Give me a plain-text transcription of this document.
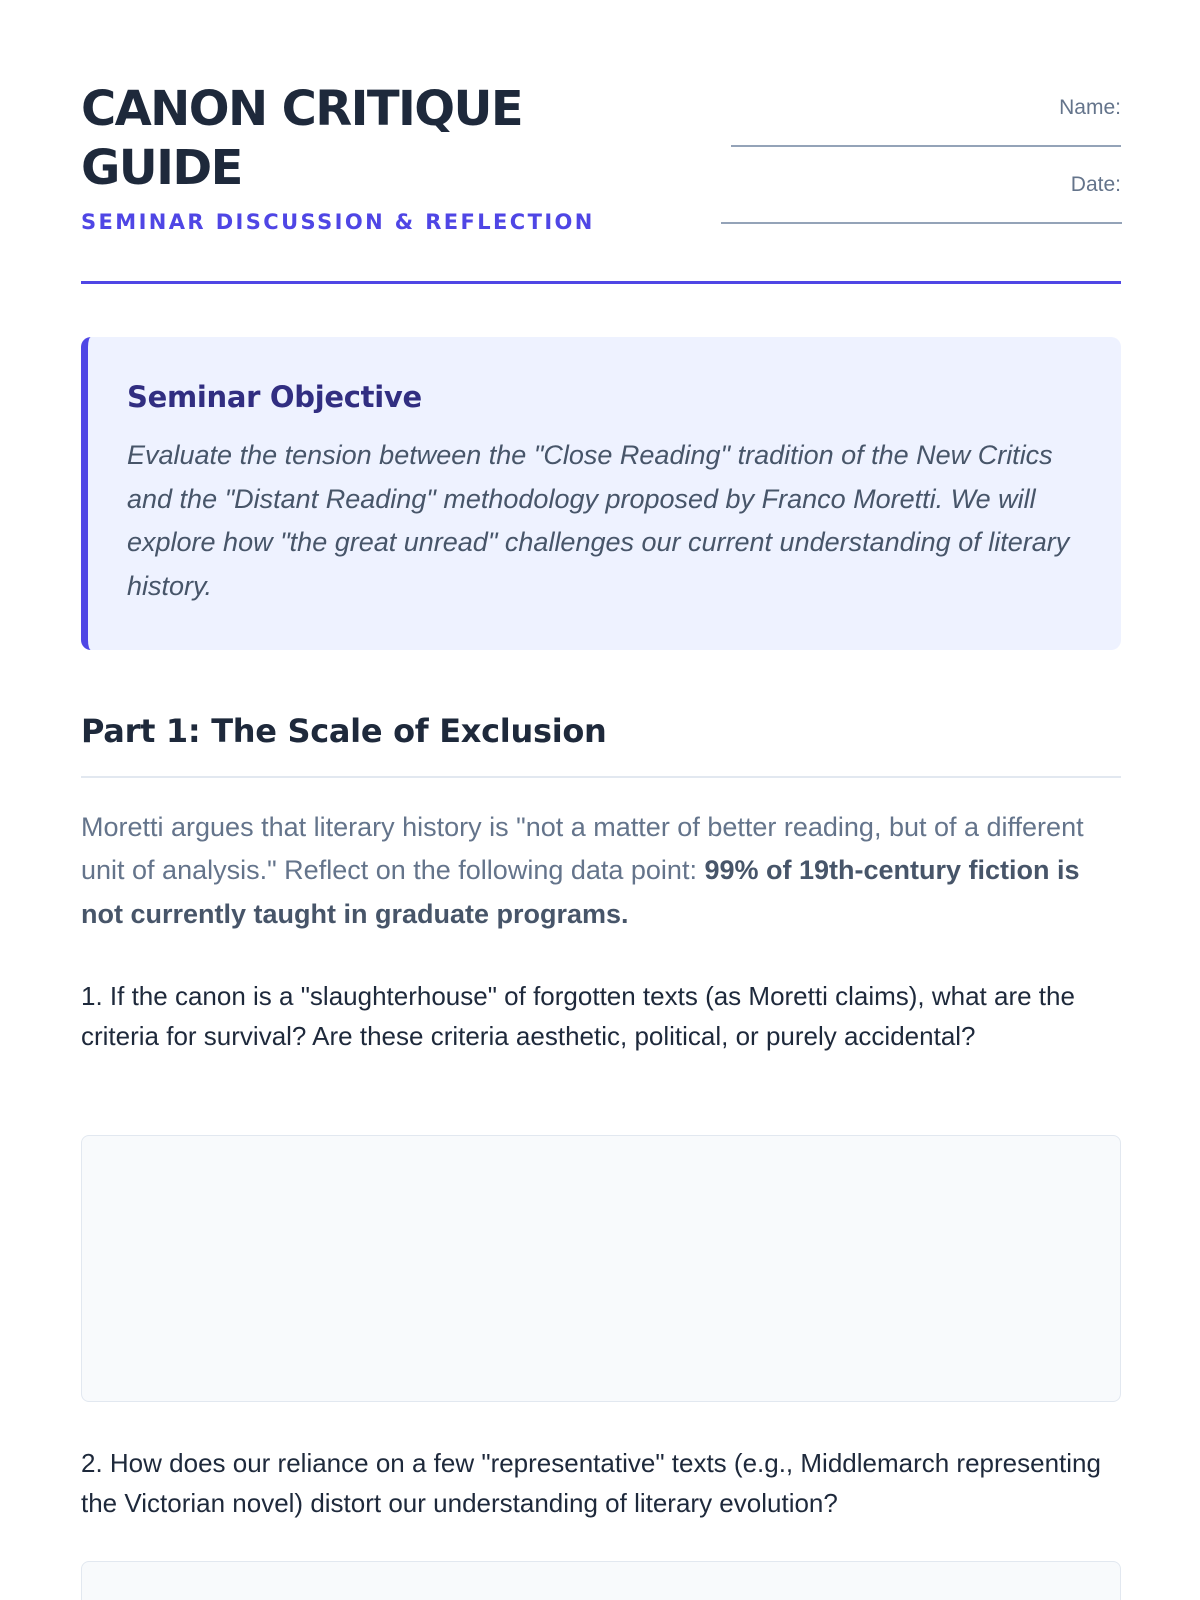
CANON CRITIQUE GUIDE
SEMINAR DISCUSSION & REFLECTION
Name:
Date:
Seminar Objective

Evaluate the tension between the "Close Reading" tradition of the New Critics and the "Distant Reading" methodology proposed by Franco Moretti. We will explore how "the great unread" challenges our current understanding of literary history.

Part 1: The Scale of Exclusion

Moretti argues that literary history is "not a matter of better reading, but of a different unit of analysis." Reflect on the following data point: 99% of 19th-century fiction is not currently taught in graduate programs.

1. If the canon is a "slaughterhouse" of forgotten texts (as Moretti claims), what are the criteria for survival? Are these criteria aesthetic, political, or purely accidental?

2. How does our reliance on a few "representative" texts (e.g., Middlemarch representing the Victorian novel) distort our understanding of literary evolution?
